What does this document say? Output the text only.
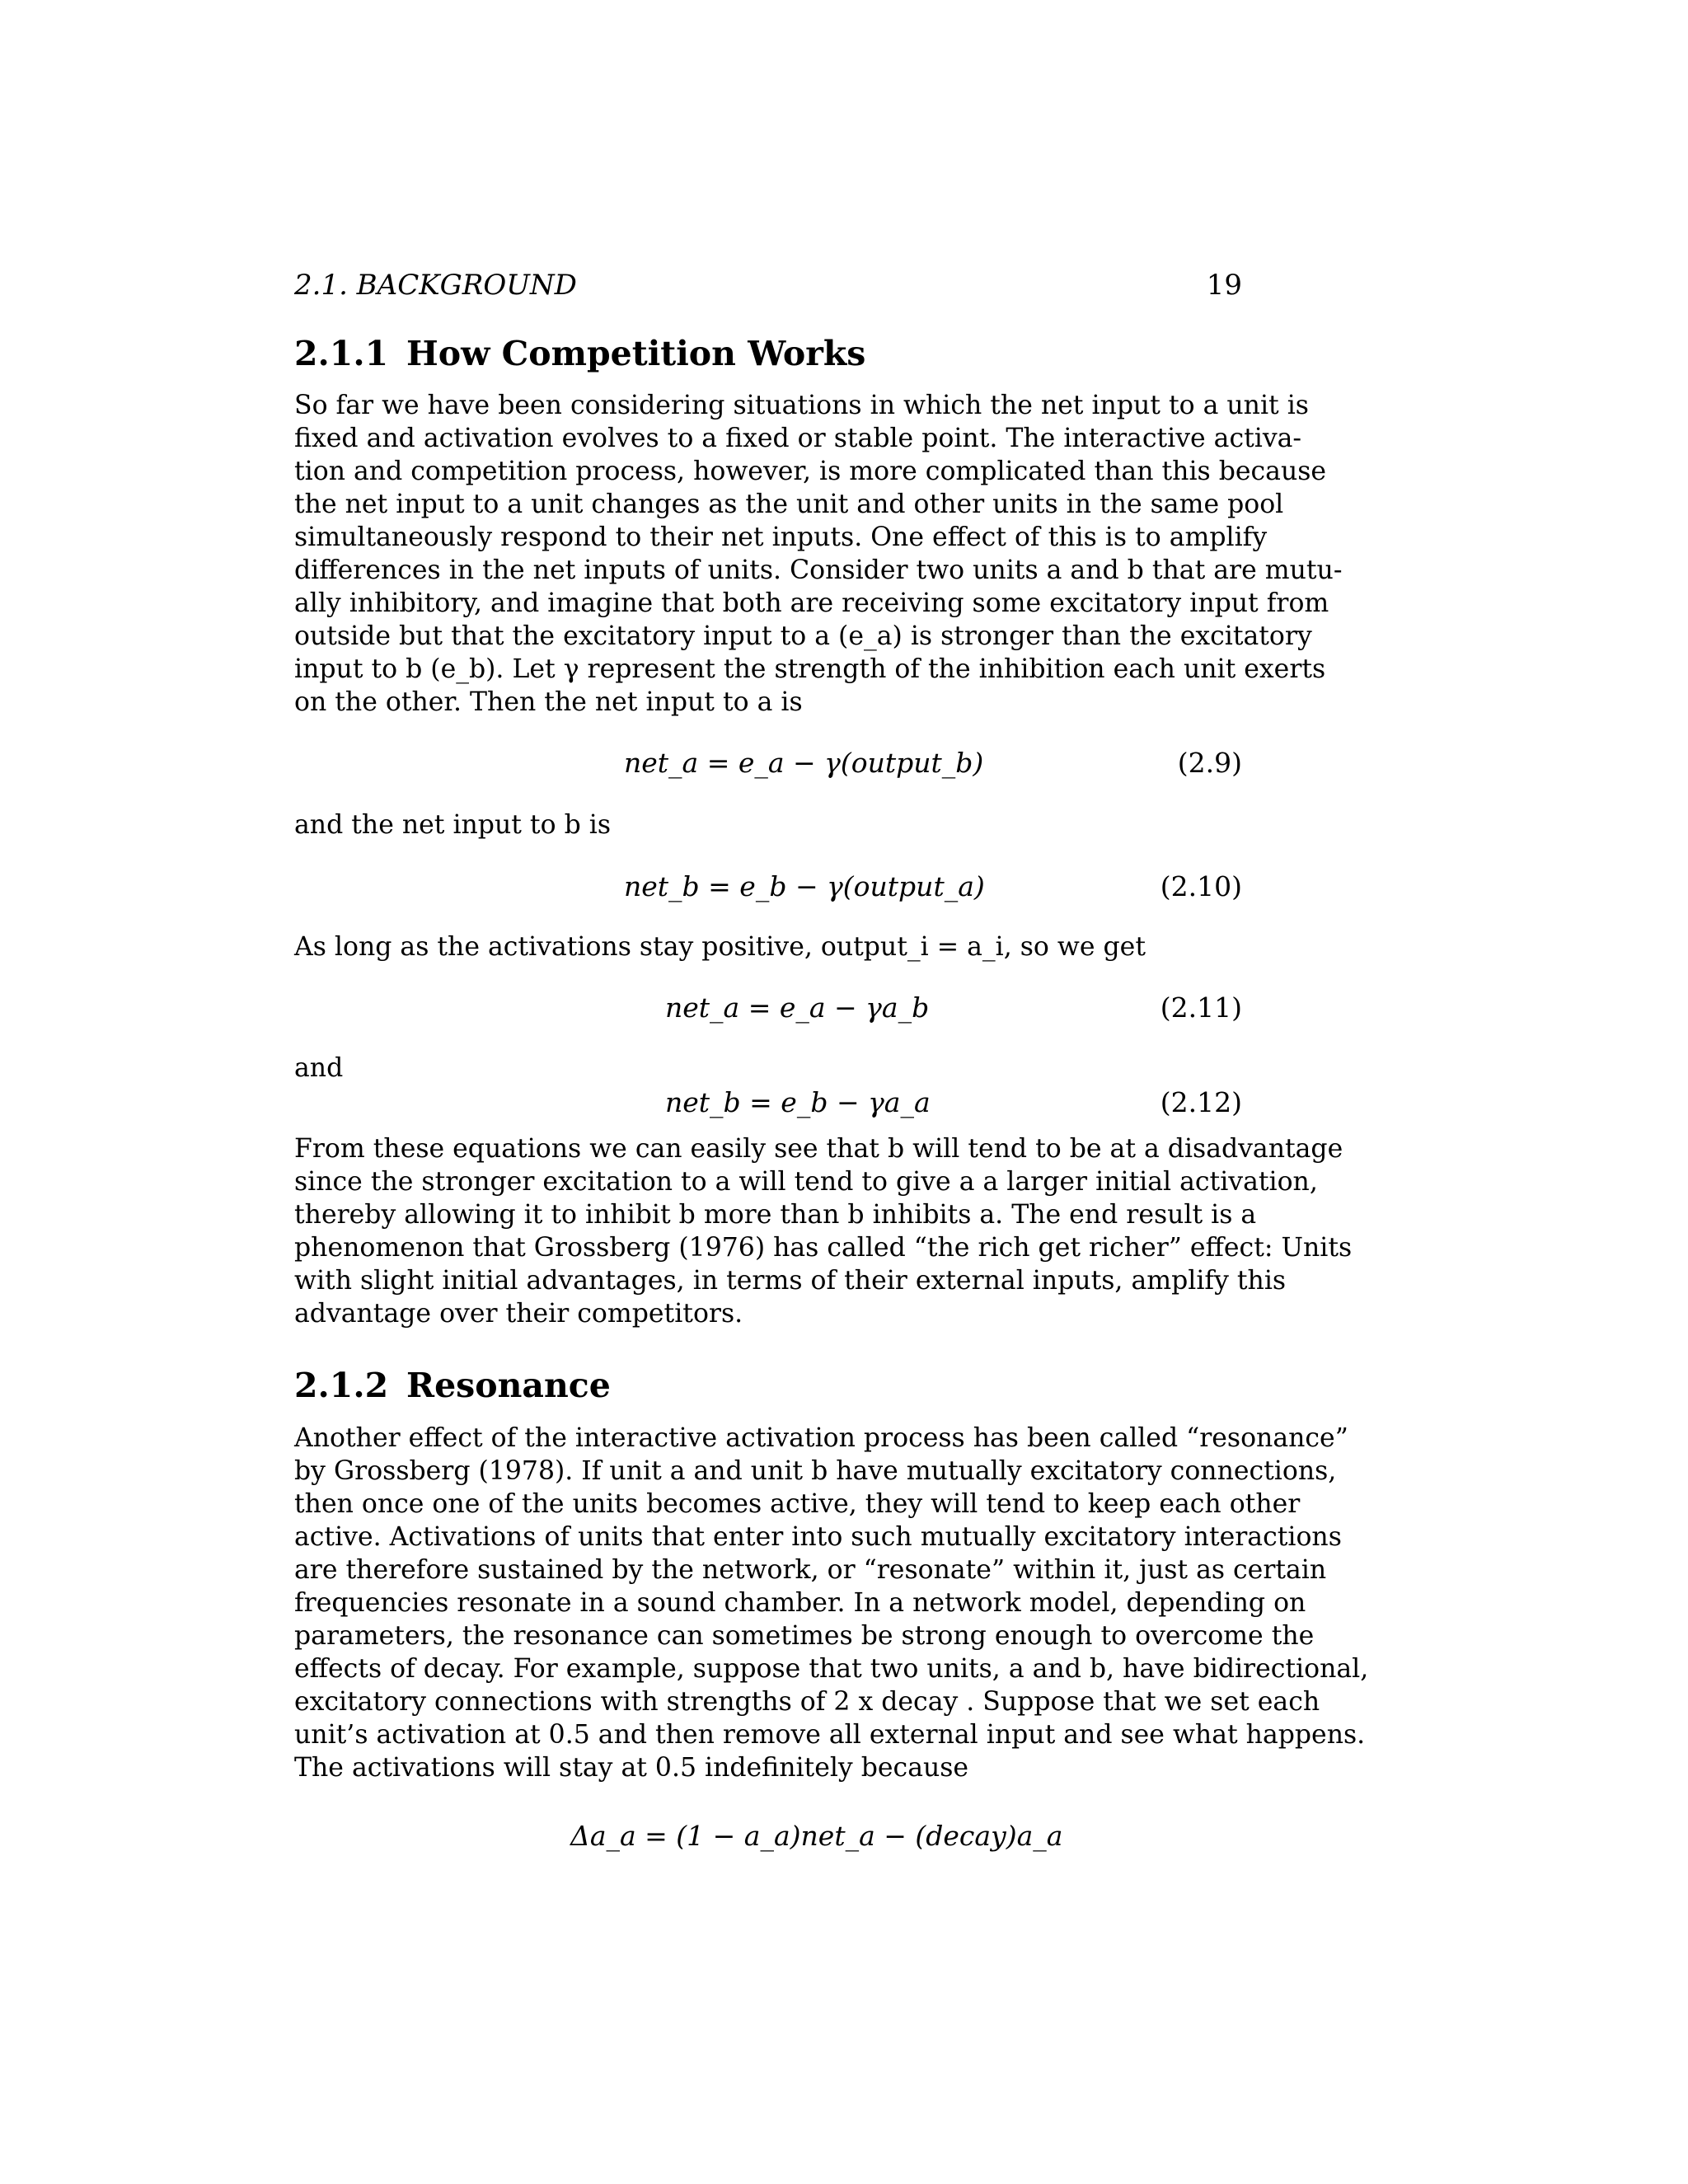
2.1. BACKGROUND	19
2.1.1 How Competition Works
So far we have been considering situations in which the net input to a unit is
fixed and activation evolves to a fixed or stable point. The interactive activa-
tion and competition process, however, is more complicated than this because
the net input to a unit changes as the unit and other units in the same pool
simultaneously respond to their net inputs. One effect of this is to amplify
differences in the net inputs of units. Consider two units a and b that are mutu-
ally inhibitory, and imagine that both are receiving some excitatory input from
outside but that the excitatory input to a (e_a) is stronger than the excitatory
input to b (e_b). Let γ represent the strength of the inhibition each unit exerts
on the other. Then the net input to a is
net_a = e_a − γ(output_b)	(2.9)
and the net input to b is
net_b = e_b − γ(output_a)	(2.10)
As long as the activations stay positive, output_i = a_i, so we get
net_a = e_a − γa_b	(2.11)
and
net_b = e_b − γa_a	(2.12)
From these equations we can easily see that b will tend to be at a disadvantage
since the stronger excitation to a will tend to give a a larger initial activation,
thereby allowing it to inhibit b more than b inhibits a. The end result is a
phenomenon that Grossberg (1976) has called “the rich get richer” effect: Units
with slight initial advantages, in terms of their external inputs, amplify this
advantage over their competitors.
2.1.2 Resonance
Another effect of the interactive activation process has been called “resonance”
by Grossberg (1978). If unit a and unit b have mutually excitatory connections,
then once one of the units becomes active, they will tend to keep each other
active. Activations of units that enter into such mutually excitatory interactions
are therefore sustained by the network, or “resonate” within it, just as certain
frequencies resonate in a sound chamber. In a network model, depending on
parameters, the resonance can sometimes be strong enough to overcome the
effects of decay. For example, suppose that two units, a and b, have bidirectional,
excitatory connections with strengths of 2 x decay . Suppose that we set each
unit’s activation at 0.5 and then remove all external input and see what happens.
The activations will stay at 0.5 indefinitely because
Δa_a = (1 − a_a)net_a − (decay)a_a
